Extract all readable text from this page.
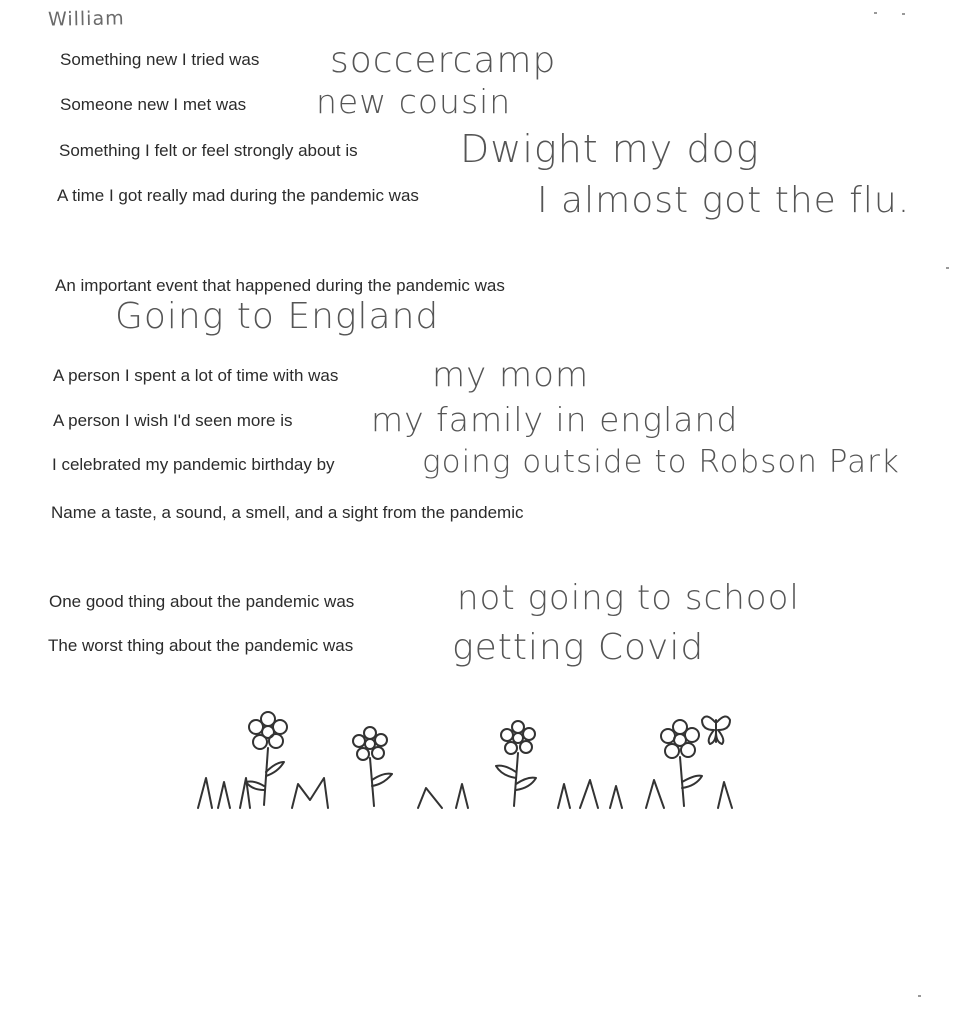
William
Something new I tried was soccercamp
Someone new I met was new cousin
Something I felt or feel strongly about is	Dwight my dog
A time I got really mad during the pandemic was	I almost got the flu.
An important event that happened during the pandemic was
Going to England
A person I spent a lot of time with was	my mom
A person I wish I'd seen more is my family in england
I celebrated my pandemic birthday by	going outside to Robson Park
Name a taste, a sound, a smell, and a sight from the pandemic
One good thing about the pandemic was	not going to school
The worst thing about the pandemic was	getting Covid
